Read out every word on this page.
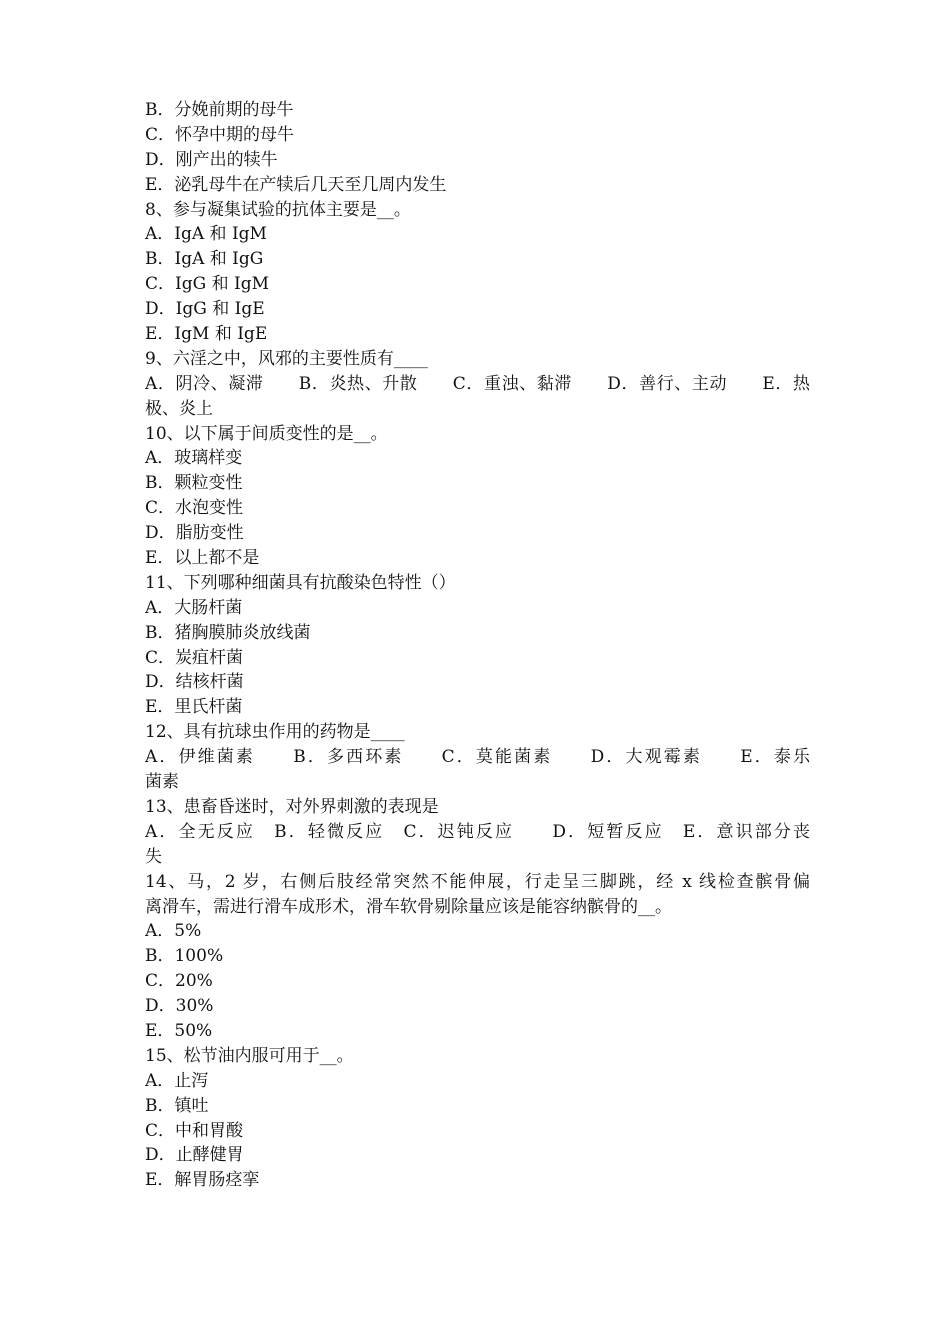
B．分娩前期的母牛
C．怀孕中期的母牛
D．刚产出的犊牛
E．泌乳母牛在产犊后几天至几周内发生
8、参与凝集试验的抗体主要是__。
A．IgA 和 IgM
B．IgA 和 IgG
C．IgG 和 IgM
D．IgG 和 IgE
E．IgM 和 IgE
9、六淫之中，风邪的主要性质有____
A．阴冷、凝滞　　B．炎热、升散　　C．重浊、黏滞　　D．善行、主动　　E．热
极、炎上
10、以下属于间质变性的是__。
A．玻璃样变
B．颗粒变性
C．水泡变性
D．脂肪变性
E．以上都不是
11、下列哪种细菌具有抗酸染色特性（）
A．大肠杆菌
B．猪胸膜肺炎放线菌
C．炭疽杆菌
D．结核杆菌
E．里氏杆菌
12、具有抗球虫作用的药物是____
A．伊维菌素　　B．多西环素　　C．莫能菌素　　D．大观霉素　　E．泰乐
菌素
13、患畜昏迷时，对外界刺激的表现是
A．全无反应　B．轻微反应　C．迟钝反应　　D．短暂反应　E．意识部分丧
失
14、马，2 岁，右侧后肢经常突然不能伸展，行走呈三脚跳，经 x 线检查髌骨偏
离滑车，需进行滑车成形术，滑车软骨剔除量应该是能容纳髌骨的__。
A．5%
B．100%
C．20%
D．30%
E．50%
15、松节油内服可用于__。
A．止泻
B．镇吐
C．中和胃酸
D．止酵健胃
E．解胃肠痉挛
